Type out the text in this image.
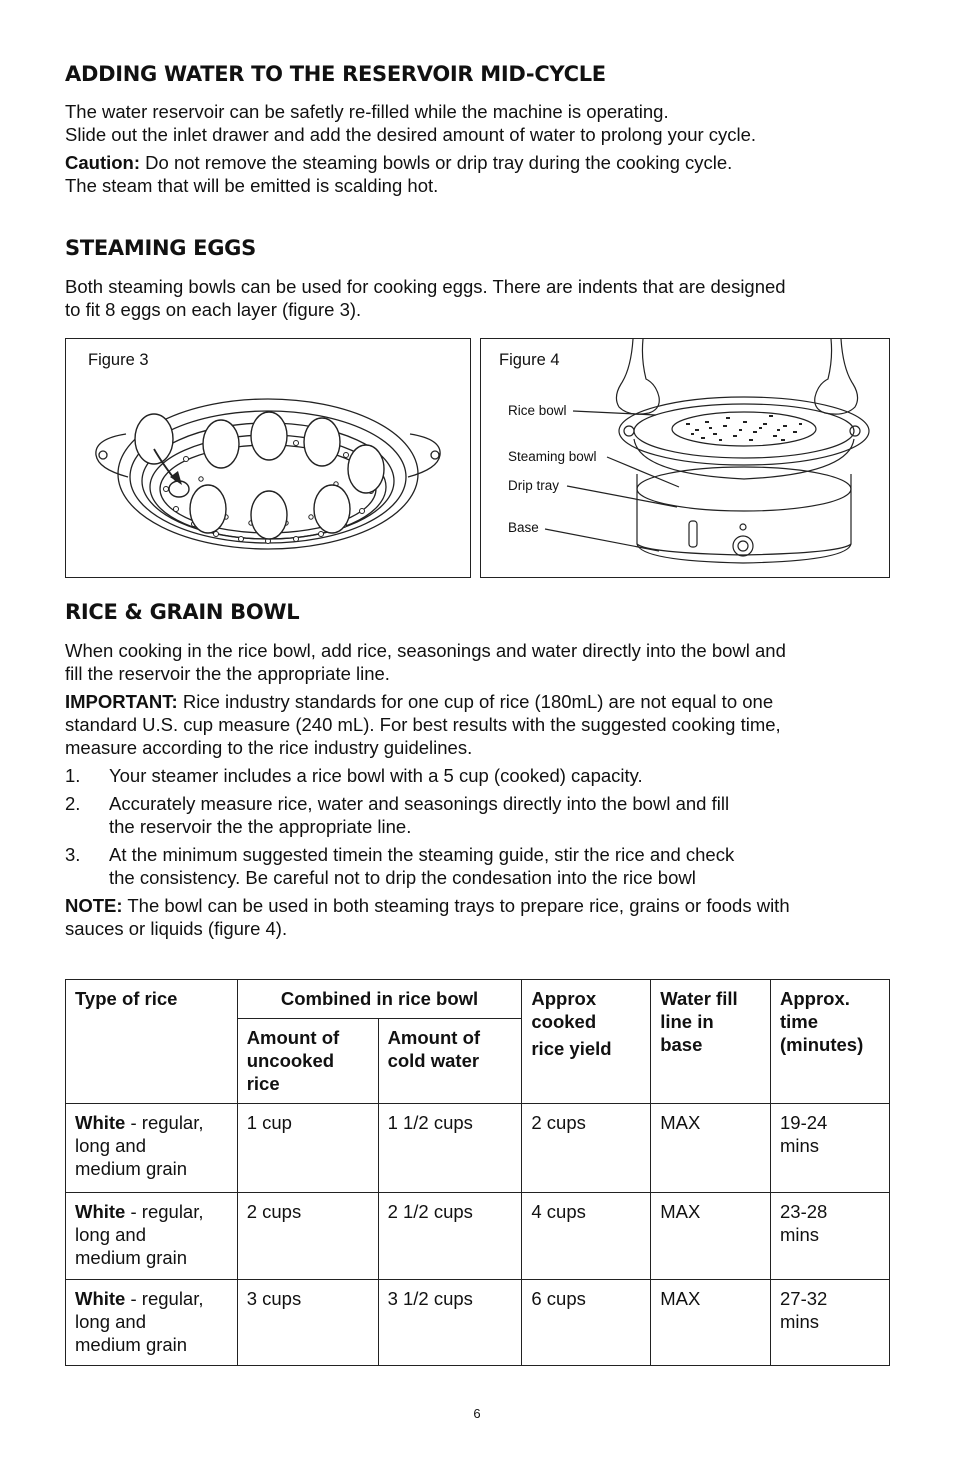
ADDING WATER TO THE RESERVOIR MID-CYCLE

The water reservoir can be safetly re-filled while the machine is operating.
Slide out the inlet drawer and add the desired amount of water to prolong your cycle.

Caution: Do not remove the steaming bowls or drip tray during the cooking cycle.
The steam that will be emitted is scalding hot.

STEAMING EGGS

Both steaming bowls can be used for cooking eggs. There are indents that are designed
to fit 8 eggs on each layer (figure 3).

Figure 3	Figure 4
Rice bowl
Steaming bowl
Drip tray
Base
RICE & GRAIN BOWL

When cooking in the rice bowl, add rice, seasonings and water directly into the bowl and
fill the reservoir the the appropriate line.

IMPORTANT: Rice industry standards for one cup of rice (180mL) are not equal to one
standard U.S. cup measure (240 mL). For best results with the suggested cooking time,
measure according to the rice industry guidelines.

1. Your steamer includes a rice bowl with a 5 cup (cooked) capacity.
2. Accurately measure rice, water and seasonings directly into the bowl and fill
the reservoir the the appropriate line.
3. At the minimum suggested timein the steaming guide, stir the rice and check
the consistency. Be careful not to drip the condesation into the rice bowl

NOTE: The bowl can be used in both steaming trays to prepare rice, grains or foods with
sauces or liquids (figure 4).

Type of rice	Combined in rice bowl		Approx
cooked
rice yield	Water fill
line in
base	Approx.
time
(minutes)
	Amount of
uncooked
rice	Amount of
cold water			
White - regular,
long and
medium grain	1 cup	1 1/2 cups	2 cups	MAX	19-24
mins
White - regular,
long and
medium grain	2 cups	2 1/2 cups	4 cups	MAX	23-28
mins
White - regular,
long and
medium grain	3 cups	3 1/2 cups	6 cups	MAX	27-32
mins
6
